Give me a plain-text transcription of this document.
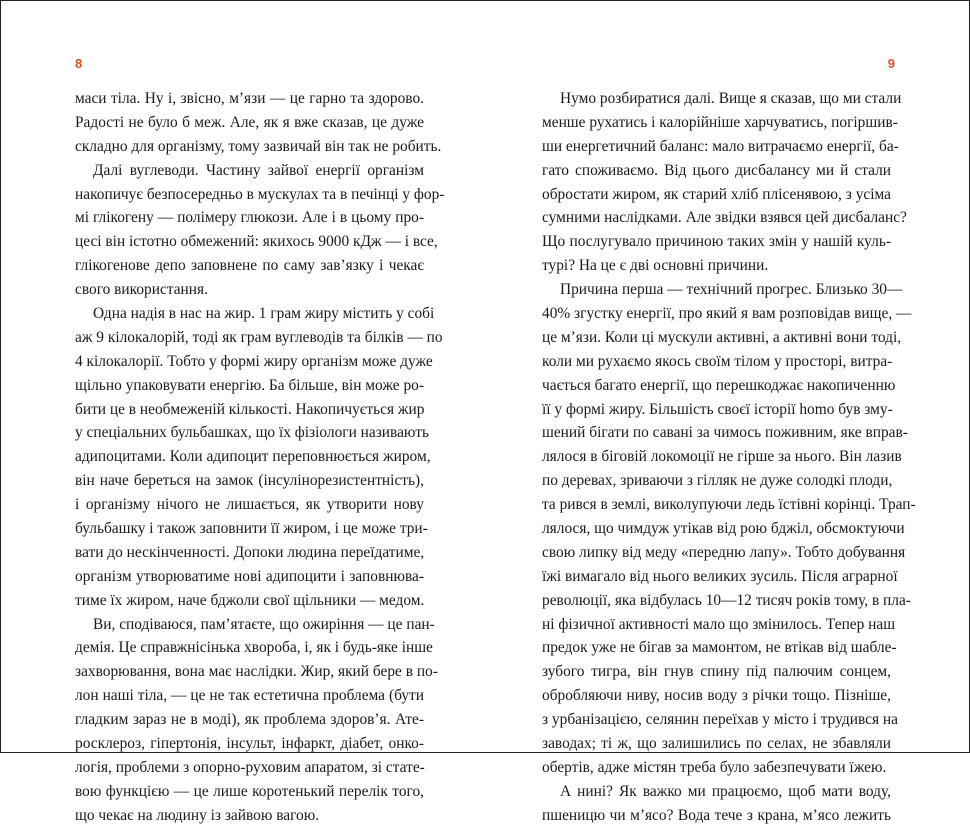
8
маси тіла. Ну і, звісно, м’язи — це гарно та здорово.
Радості не було б меж. Але, як я вже сказав, це дуже
складно для організму, тому зазвичай він так не робить.
Далі вуглеводи. Частину зайвої енергії організм
накопичує безпосередньо в мускулах та в печінці у фор-
мі глікогену — полімеру глюкози. Але і в цьому про-
цесі він істотно обмежений: якихось 9000 кДж — і все,
глікогенове депо заповнене по саму зав’язку і чекає
свого використання.
Одна надія в нас на жир. 1 грам жиру містить у собі
аж 9 кілокалорій, тоді як грам вуглеводів та білків — по
4 кілокалорії. Тобто у формі жиру організм може дуже
щільно упаковувати енергію. Ба більше, він може ро-
бити це в необмеженій кількості. Накопичується жир
у спеціальних бульбашках, що їх фізіологи називають
адипоцитами. Коли адипоцит переповнюється жиром,
він наче береться на замок (інсулінорезистентність),
і організму нічого не лишається, як утворити нову
бульбашку і також заповнити її жиром, і це може три-
вати до нескінченності. Допоки людина переїдатиме,
організм утворюватиме нові адипоцити і заповнюва-
тиме їх жиром, наче бджоли свої щільники — медом.
Ви, сподіваюся, пам’ятаєте, що ожиріння — це пан-
демія. Це справжнісінька хвороба, і, як і будь-яке інше
захворювання, вона має наслідки. Жир, який бере в по-
лон наші тіла, — це не так естетична проблема (бути
гладким зараз не в моді), як проблема здоров’я. Ате-
росклероз, гіпертонія, інсульт, інфаркт, діабет, онко-
логія, проблеми з опорно-руховим апаратом, зі стате-
вою функцією — це лише коротенький перелік того,
що чекає на людину із зайвою вагою.
9
Нумо розбиратися далі. Вище я сказав, що ми стали
менше рухатись і калорійніше харчуватись, погіршив-
ши енергетичний баланс: мало витрачаємо енергії, ба-
гато споживаємо. Від цього дисбалансу ми й стали
обростати жиром, як старий хліб плісенявою, з усіма
сумними наслідками. Але звідки взявся цей дисбаланс?
Що послугувало причиною таких змін у нашій куль-
турі? На це є дві основні причини.
Причина перша — технічний прогрес. Близько 30—
40% згустку енергії, про який я вам розповідав вище, —
це м’язи. Коли ці мускули активні, а активні вони тоді,
коли ми рухаємо якось своїм тілом у просторі, витра-
чається багато енергії, що перешкоджає накопиченню
її у формі жиру. Більшість своєї історії homo був зму-
шений бігати по савані за чимось поживним, яке вправ-
лялося в біговій локомоції не гірше за нього. Він лазив
по деревах, зриваючи з гілляк не дуже солодкі плоди,
та рився в землі, виколупуючи ледь їстівні корінці. Трап-
лялося, що чимдуж утікав від рою бджіл, обсмоктуючи
свою липку від меду «передню лапу». Тобто добування
їжі вимагало від нього великих зусиль. Після аграрної
революції, яка відбулась 10—12 тисяч років тому, в пла-
ні фізичної активності мало що змінилось. Тепер наш
предок уже не бігав за мамонтом, не втікав від шабле-
зубого тигра, він гнув спину під палючим сонцем,
обробляючи ниву, носив воду з річки тощо. Пізніше,
з урбанізацією, селянин переїхав у місто і трудився на
заводах; ті ж, що залишились по селах, не збавляли
обертів, адже містян треба було забезпечувати їжею.
А нині? Як важко ми працюємо, щоб мати воду,
пшеницю чи м’ясо? Вода тече з крана, м’ясо лежить
